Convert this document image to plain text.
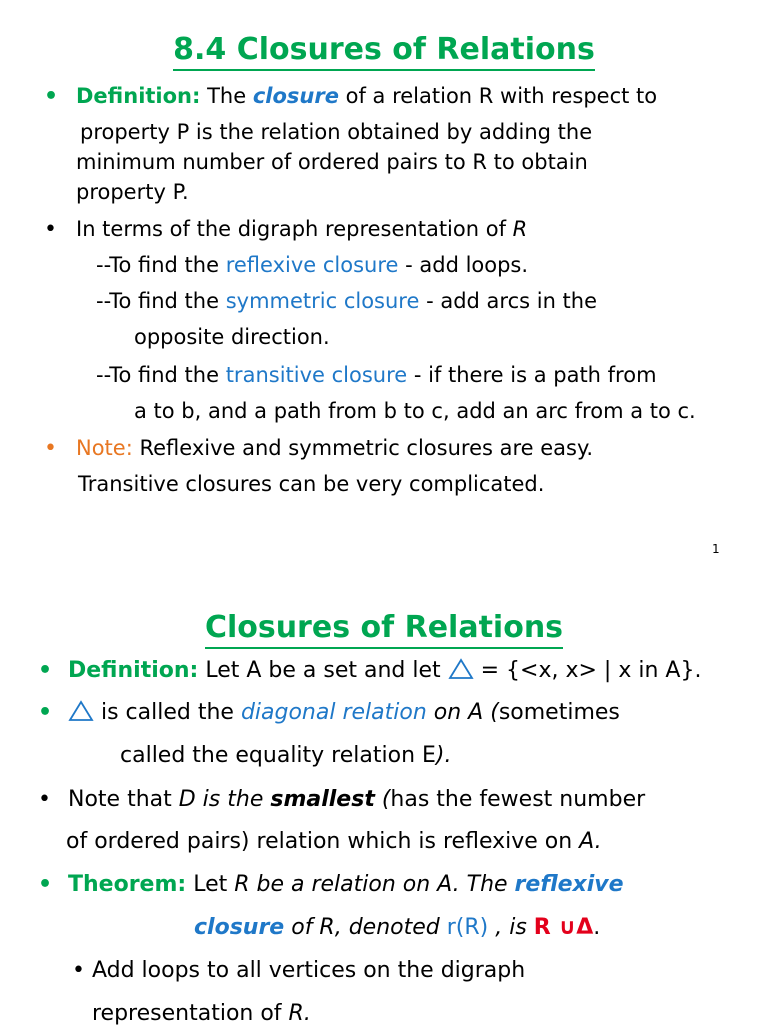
8.4 Closures of Relations
• Definition: The closure of a relation R with respect to
property P is the relation obtained by adding the
minimum number of ordered pairs to R to obtain
property P.
• In terms of the digraph representation of R
--To find the reflexive closure - add loops.
--To find the symmetric closure - add arcs in the
opposite direction.
--To find the transitive closure - if there is a path from
a to b, and a path from b to c, add an arc from a to c.
• Note: Reflexive and symmetric closures are easy.
Transitive closures can be very complicated.
1
Closures of Relations
• Definition: Let A be a set and let  = {<x, x> | x in A}.
•	is called the diagonal relation on A (sometimes
called the equality relation E).
• Note that D is the smallest (has the fewest number
of ordered pairs) relation which is reflexive on A.
• Theorem: Let R be a relation on A. The reflexive
closure of R, denoted r(R) , is R ∪Δ.
• Add loops to all vertices on the digraph
representation of R.
